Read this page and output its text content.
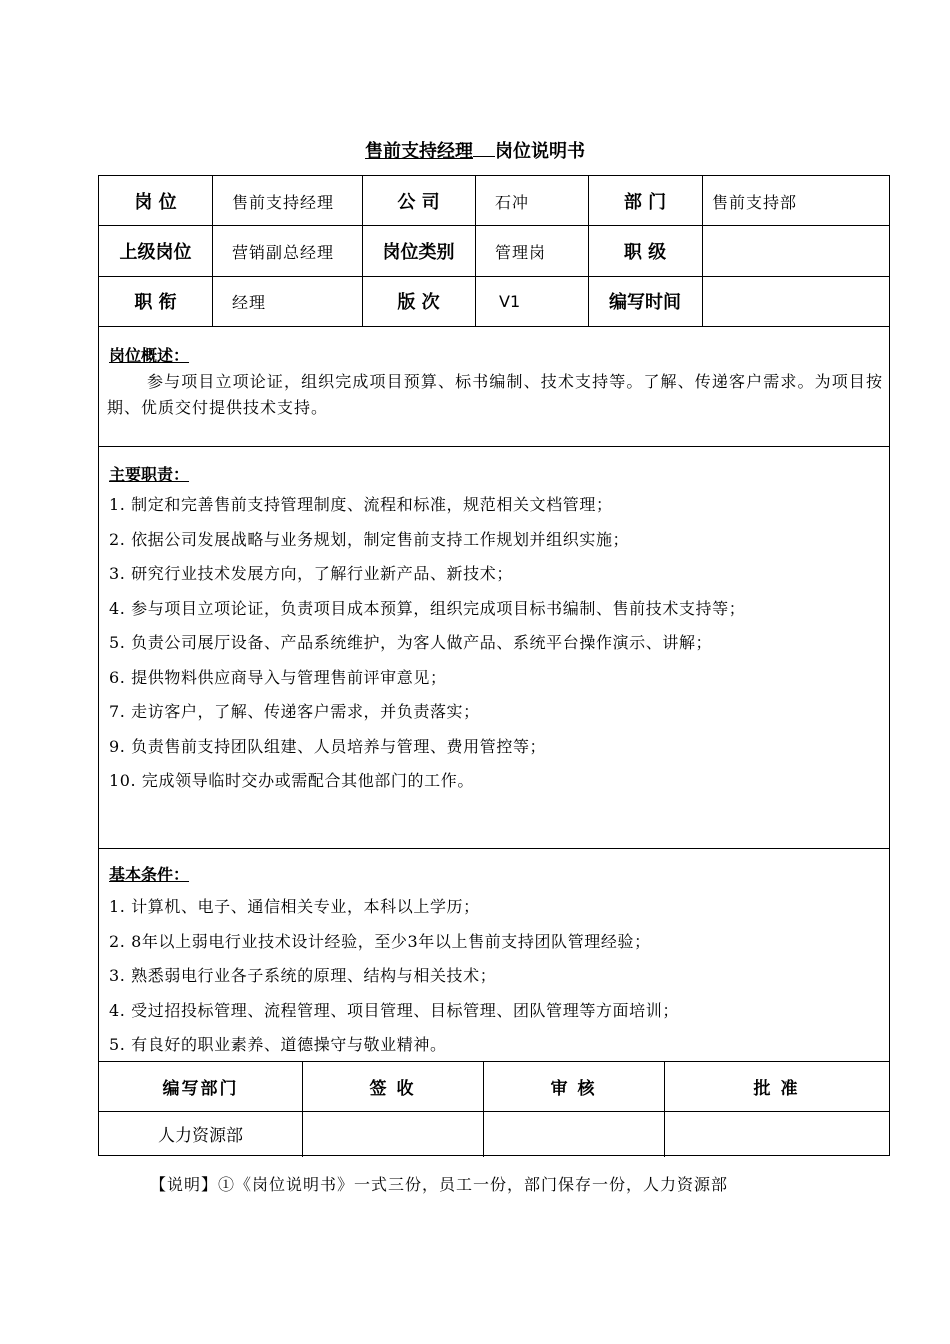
售前支持经理 岗位说明书
岗 位	售前支持经理	公 司	石冲	部 门	售前支持部
上级岗位	营销副总经理	岗位类别	管理岗	职 级
职 衔	经理	版 次	V1	编写时间
岗位概述：
参与项目立项论证，组织完成项目预算、标书编制、技术支持等。了解、传递客户需求。为项目按期、优质交付提供技术支持。
主要职责：
1. 制定和完善售前支持管理制度、流程和标准，规范相关文档管理；
2. 依据公司发展战略与业务规划，制定售前支持工作规划并组织实施；
3. 研究行业技术发展方向，了解行业新产品、新技术；
4. 参与项目立项论证，负责项目成本预算，组织完成项目标书编制、售前技术支持等；
5. 负责公司展厅设备、产品系统维护，为客人做产品、系统平台操作演示、讲解；
6. 提供物料供应商导入与管理售前评审意见；
7. 走访客户，了解、传递客户需求，并负责落实；
9. 负责售前支持团队组建、人员培养与管理、费用管控等；
10. 完成领导临时交办或需配合其他部门的工作。
基本条件：
1. 计算机、电子、通信相关专业，本科以上学历；
2. 8年以上弱电行业技术设计经验，至少3年以上售前支持团队管理经验；
3. 熟悉弱电行业各子系统的原理、结构与相关技术；
4. 受过招投标管理、流程管理、项目管理、目标管理、团队管理等方面培训；
5. 有良好的职业素养、道德操守与敬业精神。
编写部门	签 收	审 核	批 准
人力资源部
【说明】①《岗位说明书》一式三份，员工一份，部门保存一份，人力资源部
